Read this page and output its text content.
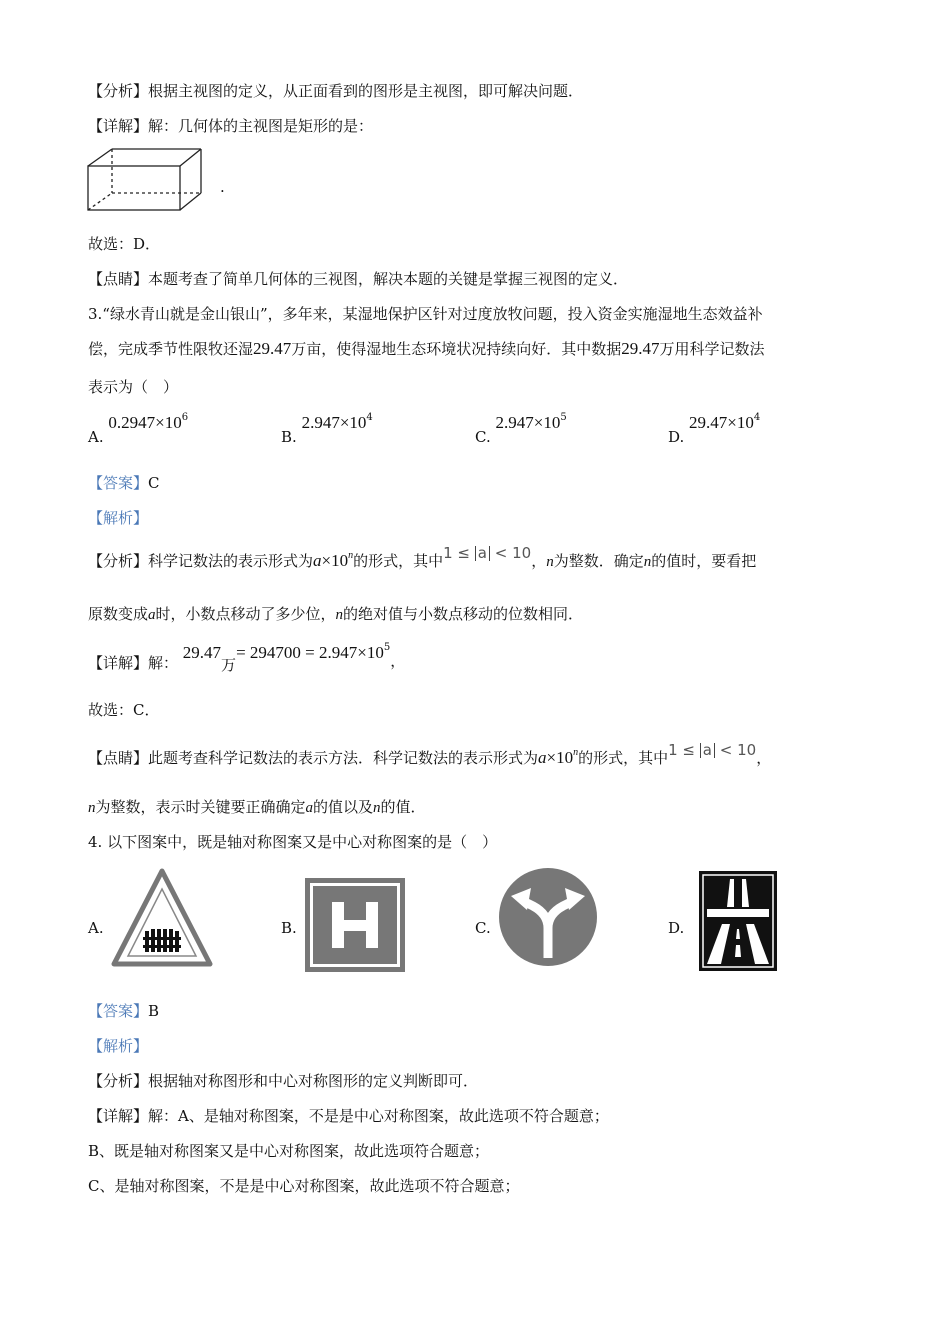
【分析】根据主视图的定义，从正面看到的图形是主视图，即可解决问题．
【详解】解：几何体的主视图是矩形的是：
.
故选：D．
【点睛】本题考查了简单几何体的三视图，解决本题的关键是掌握三视图的定义．
3.“绿水青山就是金山银山”，多年来，某湿地保护区针对过度放牧问题，投入资金实施湿地生态效益补
偿，完成季节性限牧还湿29.47万亩，使得湿地生态环境状况持续向好．其中数据29.47万用科学记数法
表示为（　）
A. $0.2947\times 10^6$
B. $2.947\times 10^4$
C. $2.947\times 10^5$
D. $29.47\times 10^4$
【答案】C
【解析】
【分析】科学记数法的表示形式为$a\times 10^n$的形式，其中1 ≤ a < 10，n为整数．确定n的值时，要看把
原数变成a时，小数点移动了多少位，n的绝对值与小数点移动的位数相同．
【详解】解： 29.47万= $294700 = 2.947\times 10^5$，
故选：C．
【点睛】此题考查科学记数法的表示方法．科学记数法的表示形式为$a\times 10^n$的形式，其中1 ≤ a < 10，
n为整数，表示时关键要正确确定a的值以及n的值．
4. 以下图案中，既是轴对称图案又是中心对称图案的是（　）
A.	B.	C.	D.
【答案】B
【解析】
【分析】根据轴对称图形和中心对称图形的定义判断即可．
【详解】解：A、是轴对称图案，不是是中心对称图案，故此选项不符合题意；
B、既是轴对称图案又是中心对称图案，故此选项符合题意；
C、是轴对称图案，不是是中心对称图案，故此选项不符合题意；
